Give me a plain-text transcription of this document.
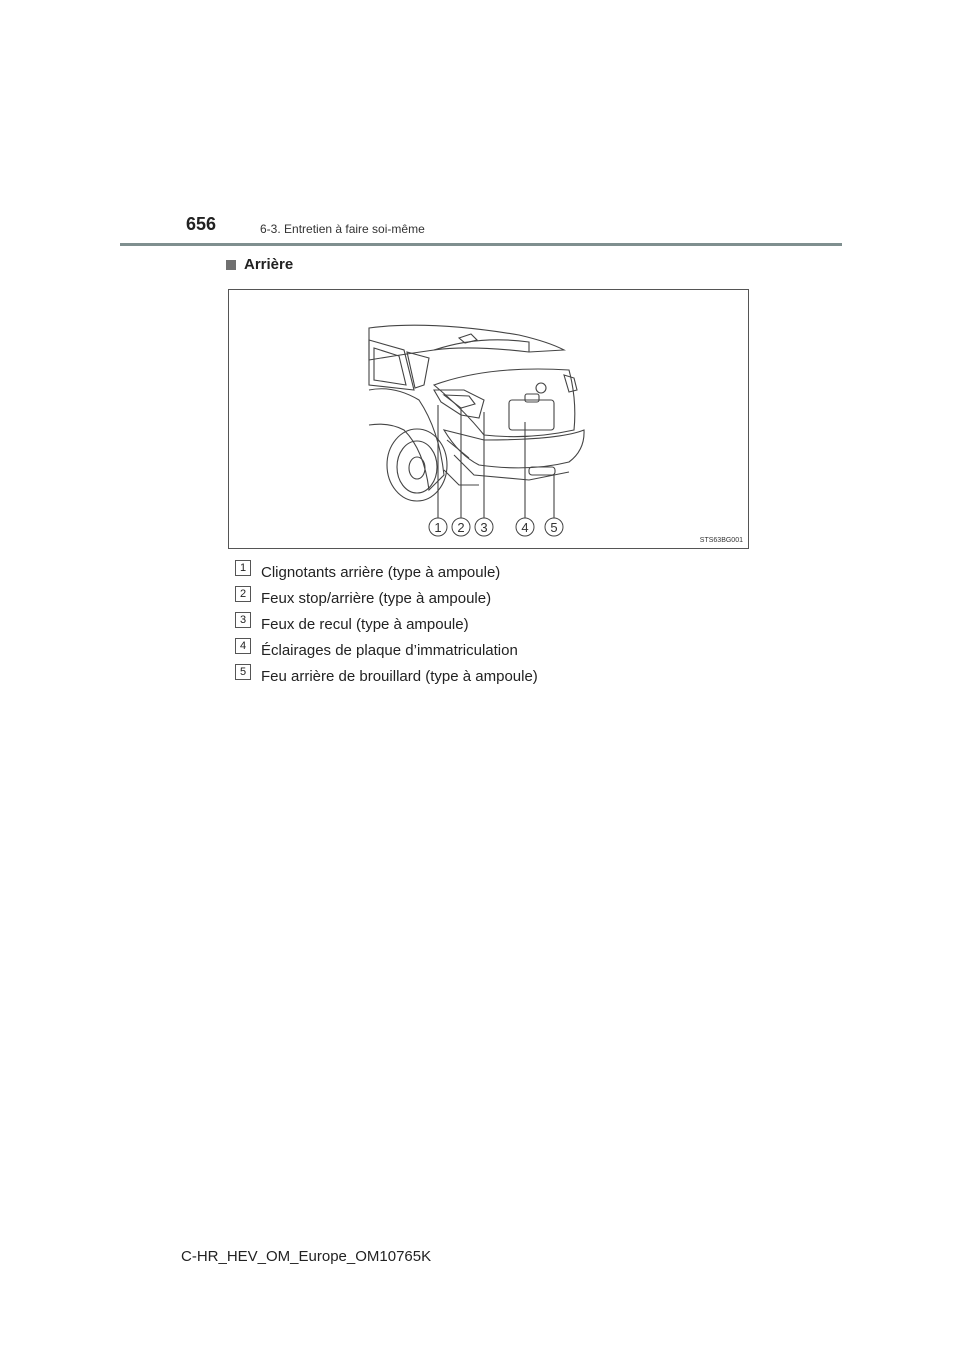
656	6-3. Entretien à faire soi-même
Arrière
1 2 3	4 5
STS63BG001
1 Clignotants arrière (type à ampoule)
2 Feux stop/arrière (type à ampoule)
3 Feux de recul (type à ampoule)
4 Éclairages de plaque d’immatriculation
5 Feu arrière de brouillard (type à ampoule)
C-HR_HEV_OM_Europe_OM10765K
